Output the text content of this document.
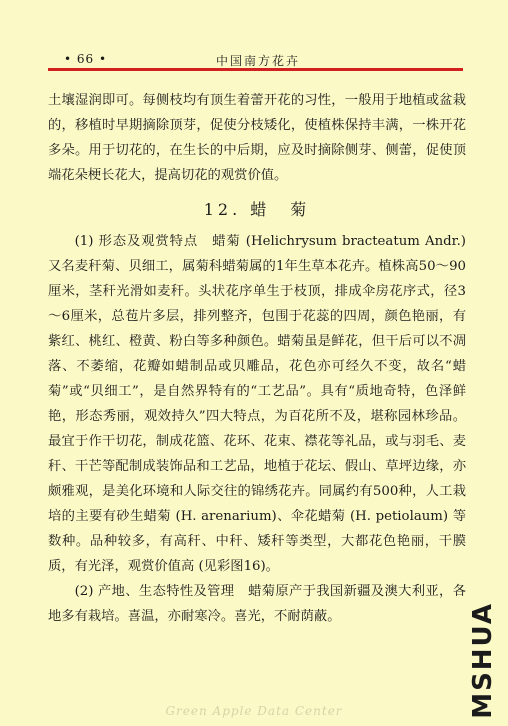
• 66 •	中国南方花卉

土壤湿润即可。每侧枝均有顶生着蕾开花的习性，一般用于地植或盆栽的，移植时早期摘除顶芽，促使分枝矮化，使植株保持丰满，一株开花多朵。用于切花的，在生长的中后期，应及时摘除侧芽、侧蕾，促使顶端花朵梗长花大，提高切花的观赏价值。

12. 蜡　菊

(1) 形态及观赏特点　蜡菊 (Helichrysum bracteatum Andr.) 又名麦秆菊、贝细工，属菊科蜡菊属的1年生草本花卉。植株高50～90厘米，茎秆光滑如麦秆。头状花序单生于枝顶，排成伞房花序式，径3～6厘米，总苞片多层，排列整齐，包围于花蕊的四周，颜色艳丽，有紫红、桃红、橙黄、粉白等多种颜色。蜡菊虽是鲜花，但干后可以不凋落、不萎缩，花瓣如蜡制品或贝雕品，花色亦可经久不变，故名“蜡菊”或“贝细工”，是自然界特有的“工艺品”。具有“质地奇特，色泽鲜艳，形态秀丽，观效持久”四大特点，为百花所不及，堪称园林珍品。最宜于作干切花，制成花篮、花环、花束、襟花等礼品，或与羽毛、麦秆、干芒等配制成装饰品和工艺品，地植于花坛、假山、草坪边缘，亦颇雅观，是美化环境和人际交往的锦绣花卉。同属约有500种，人工栽培的主要有砂生蜡菊 (H. arenarium)、伞花蜡菊 (H. petiolaum) 等数种。品种较多，有高秆、中秆、矮秆等类型，大都花色艳丽，干膜质，有光泽，观赏价值高 (见彩图16)。

(2) 产地、生态特性及管理　蜡菊原产于我国新疆及澳大利亚，各地多有栽培。喜温，亦耐寒冷。喜光，不耐荫蔽。	MSHUA
Green Apple Data Center
